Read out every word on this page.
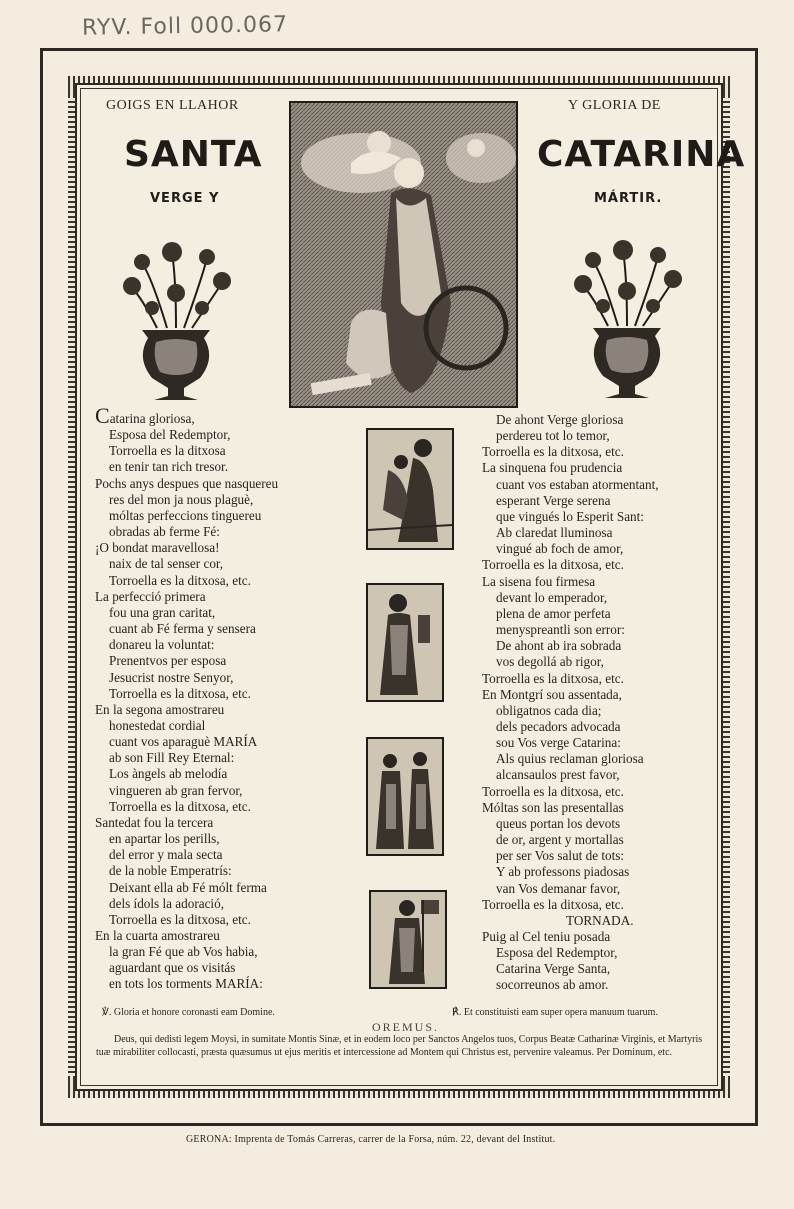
RYV. Foll 000.067
GOIGS EN LLAHOR	Y GLORIA DE
SANTA	CATARINA
VERGE Y	MÁRTIR.
Catarina gloriosa,
Esposa del Redemptor,
Torroella es la ditxosa
en tenir tan rich tresor.
Pochs anys despues que nasquereu
res del mon ja nous plaguè,
móltas perfeccions tinguereu
obradas ab ferme Fé:
¡O bondat maravellosa!
naix de tal senser cor,
Torroella es la ditxosa, etc.
La perfecció primera
fou una gran caritat,
cuant ab Fé ferma y sensera
donareu la voluntat:
Prenentvos per esposa
Jesucrist nostre Senyor,
Torroella es la ditxosa, etc.
En la segona amostrareu
honestedat cordial
cuant vos aparaguè MARÍA
ab son Fill Rey Eternal:
Los àngels ab melodía
vingueren ab gran fervor,
Torroella es la ditxosa, etc.
Santedat fou la tercera
en apartar los perills,
del error y mala secta
de la noble Emperatrís:
Deixant ella ab Fé mólt ferma
dels ídols la adoració,
Torroella es la ditxosa, etc.
En la cuarta amostrareu
la gran Fé que ab Vos habia,
aguardant que os visitás
en tots los torments MARÍA:
De ahont Verge gloriosa
perdereu tot lo temor,
Torroella es la ditxosa, etc.
La sinquena fou prudencia
cuant vos estaban atormentant,
esperant Verge serena
que vingués lo Esperit Sant:
Ab claredat lluminosa
vingué ab foch de amor,
Torroella es la ditxosa, etc.
La sisena fou firmesa
devant lo emperador,
plena de amor perfeta
menyspreantli son error:
De ahont ab ira sobrada
vos degollá ab rigor,
Torroella es la ditxosa, etc.
En Montgrí sou assentada,
obligatnos cada dia;
dels pecadors advocada
sou Vos verge Catarina:
Als quius reclaman gloriosa
alcansaulos prest favor,
Torroella es la ditxosa, etc.
Móltas son las presentallas
queus portan los devots
de or, argent y mortallas
per ser Vos salut de tots:
Y ab professons piadosas
van Vos demanar favor,
Torroella es la ditxosa, etc.
TORNADA.
Puig al Cel teniu posada
Esposa del Redemptor,
Catarina Verge Santa,
socorreunos ab amor.
℣. Gloria et honore coronasti eam Domine.	℟. Et constituisti eam super opera manuum tuarum.
OREMUS.
Deus, qui dedisti legem Moysi, in sumitate Montis Sinæ, et in eodem loco per Sanctos Angelos tuos, Corpus Beatæ Catharinæ Virginis, et Martyris tuæ mirabiliter collocasti, præsta quæsumus ut ejus meritis et intercessione ad Montem qui Christus est, pervenire valeamus. Per Dominum, etc.
GERONA: Imprenta de Tomás Carreras, carrer de la Forsa, núm. 22, devant del Institut.
